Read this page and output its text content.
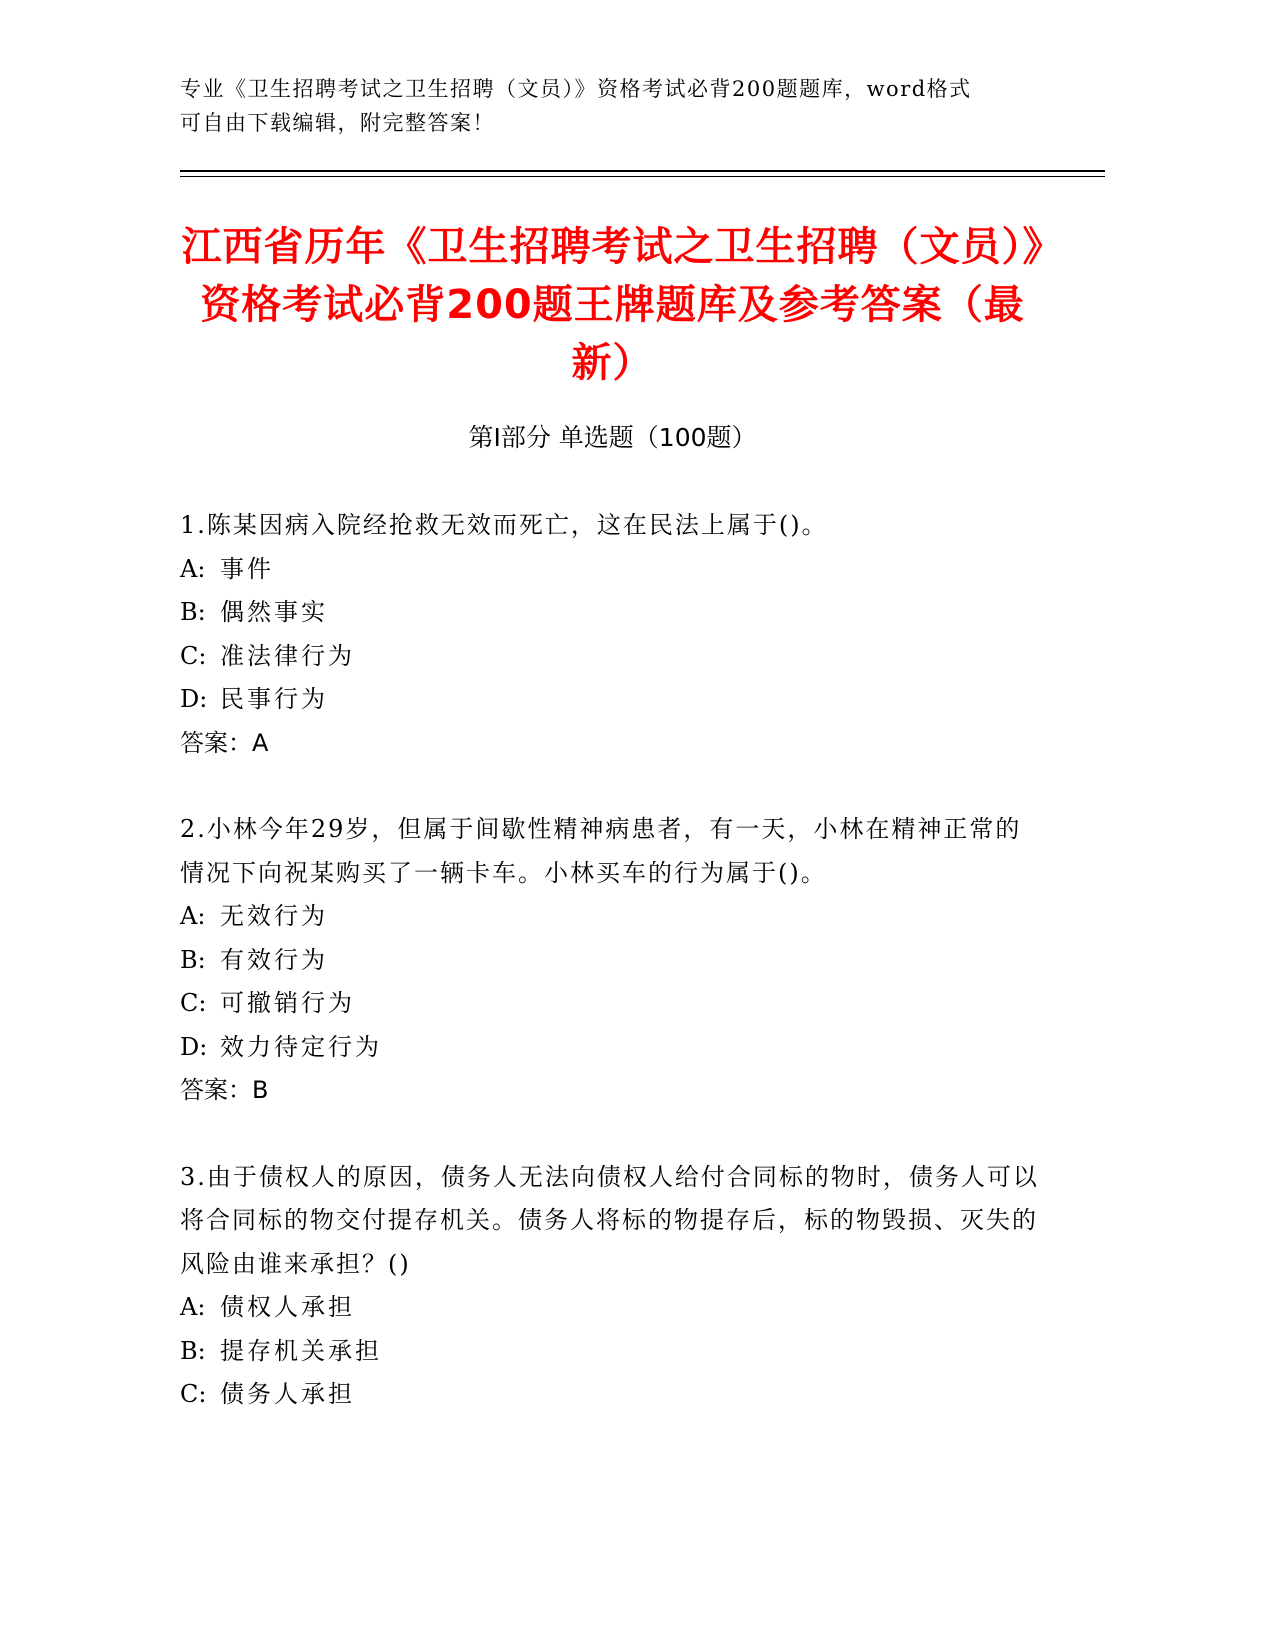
专业《卫生招聘考试之卫生招聘（文员）》资格考试必背200题题库，word格式
可自由下载编辑，附完整答案！
江西省历年《卫生招聘考试之卫生招聘（文员）》资格考试必背200题王牌题库及参考答案（最新）
第I部分 单选题（100题）
1.陈某因病入院经抢救无效而死亡，这在民法上属于()。
A: 事件
B: 偶然事实
C: 准法律行为
D: 民事行为
答案：A
2.小林今年29岁，但属于间歇性精神病患者，有一天，小林在精神正常的情况下向祝某购买了一辆卡车。小林买车的行为属于()。
A: 无效行为
B: 有效行为
C: 可撤销行为
D: 效力待定行为
答案：B
3.由于债权人的原因，债务人无法向债权人给付合同标的物时，债务人可以将合同标的物交付提存机关。债务人将标的物提存后，标的物毁损、灭失的风险由谁来承担？()
A: 债权人承担
B: 提存机关承担
C: 债务人承担
